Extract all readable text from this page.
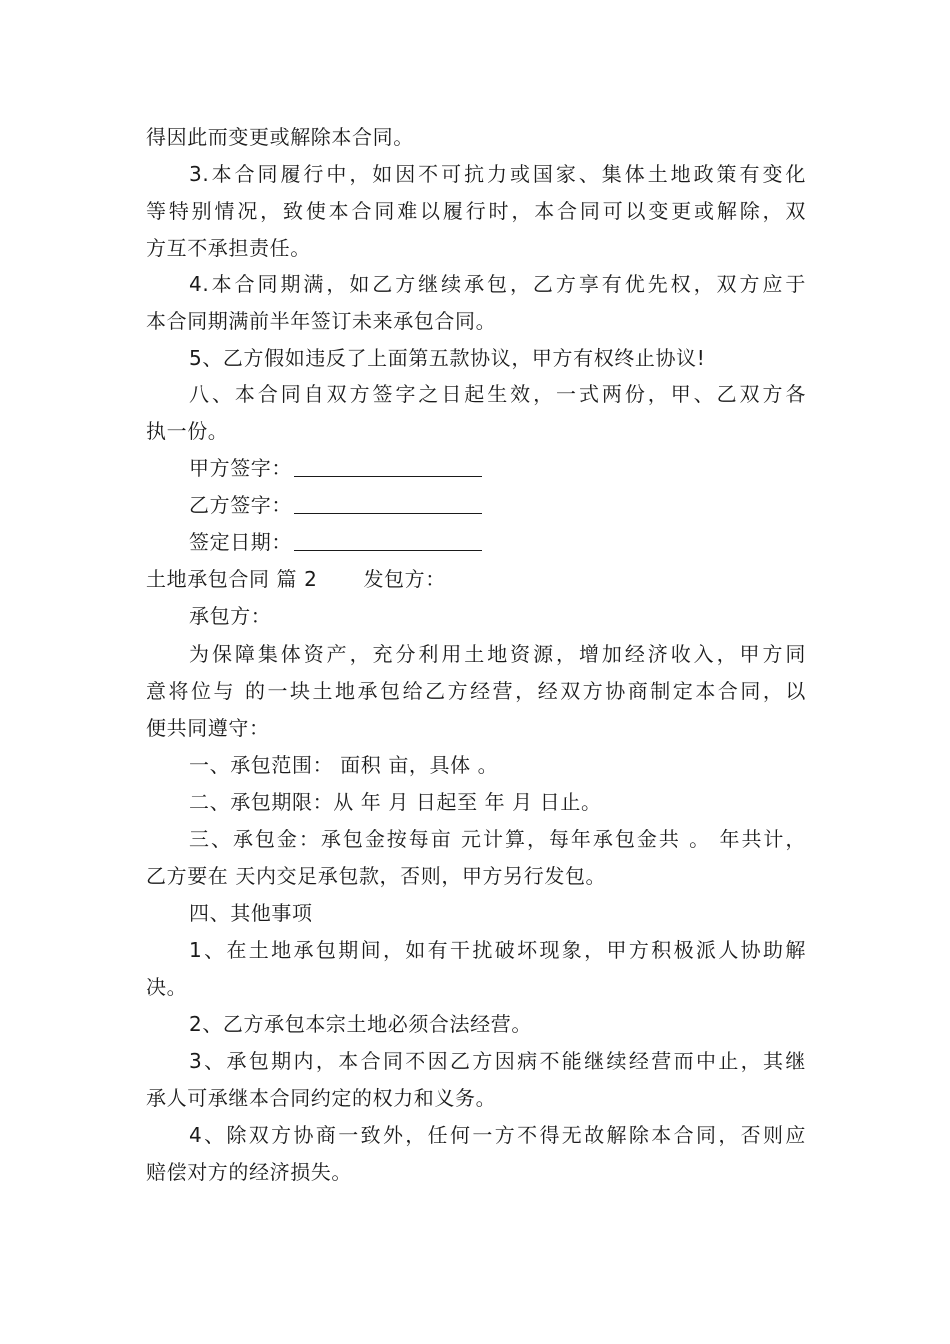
得因此而变更或解除本合同。
3.本合同履行中，如因不可抗力或国家、集体土地政策有变化
等特别情况，致使本合同难以履行时，本合同可以变更或解除，双
方互不承担责任。
4.本合同期满，如乙方继续承包，乙方享有优先权，双方应于
本合同期满前半年签订未来承包合同。
5、乙方假如违反了上面第五款协议，甲方有权终止协议!
八、本合同自双方签字之日起生效，一式两份，甲、乙双方各
执一份。
甲方签字：
乙方签字：
签定日期：
土地承包合同 篇 2 发包方：
承包方：
为保障集体资产，充分利用土地资源，增加经济收入，甲方同
意将位与 的一块土地承包给乙方经营，经双方协商制定本合同，以
便共同遵守：
一、承包范围： 面积 亩，具体 。
二、承包期限：从 年 月 日起至 年 月 日止。
三、承包金：承包金按每亩 元计算，每年承包金共 。 年共计，
乙方要在 天内交足承包款，否则，甲方另行发包。
四、其他事项
1、在土地承包期间，如有干扰破坏现象，甲方积极派人协助解
决。
2、乙方承包本宗土地必须合法经营。
3、承包期内，本合同不因乙方因病不能继续经营而中止，其继
承人可承继本合同约定的权力和义务。
4、除双方协商一致外，任何一方不得无故解除本合同，否则应
赔偿对方的经济损失。
